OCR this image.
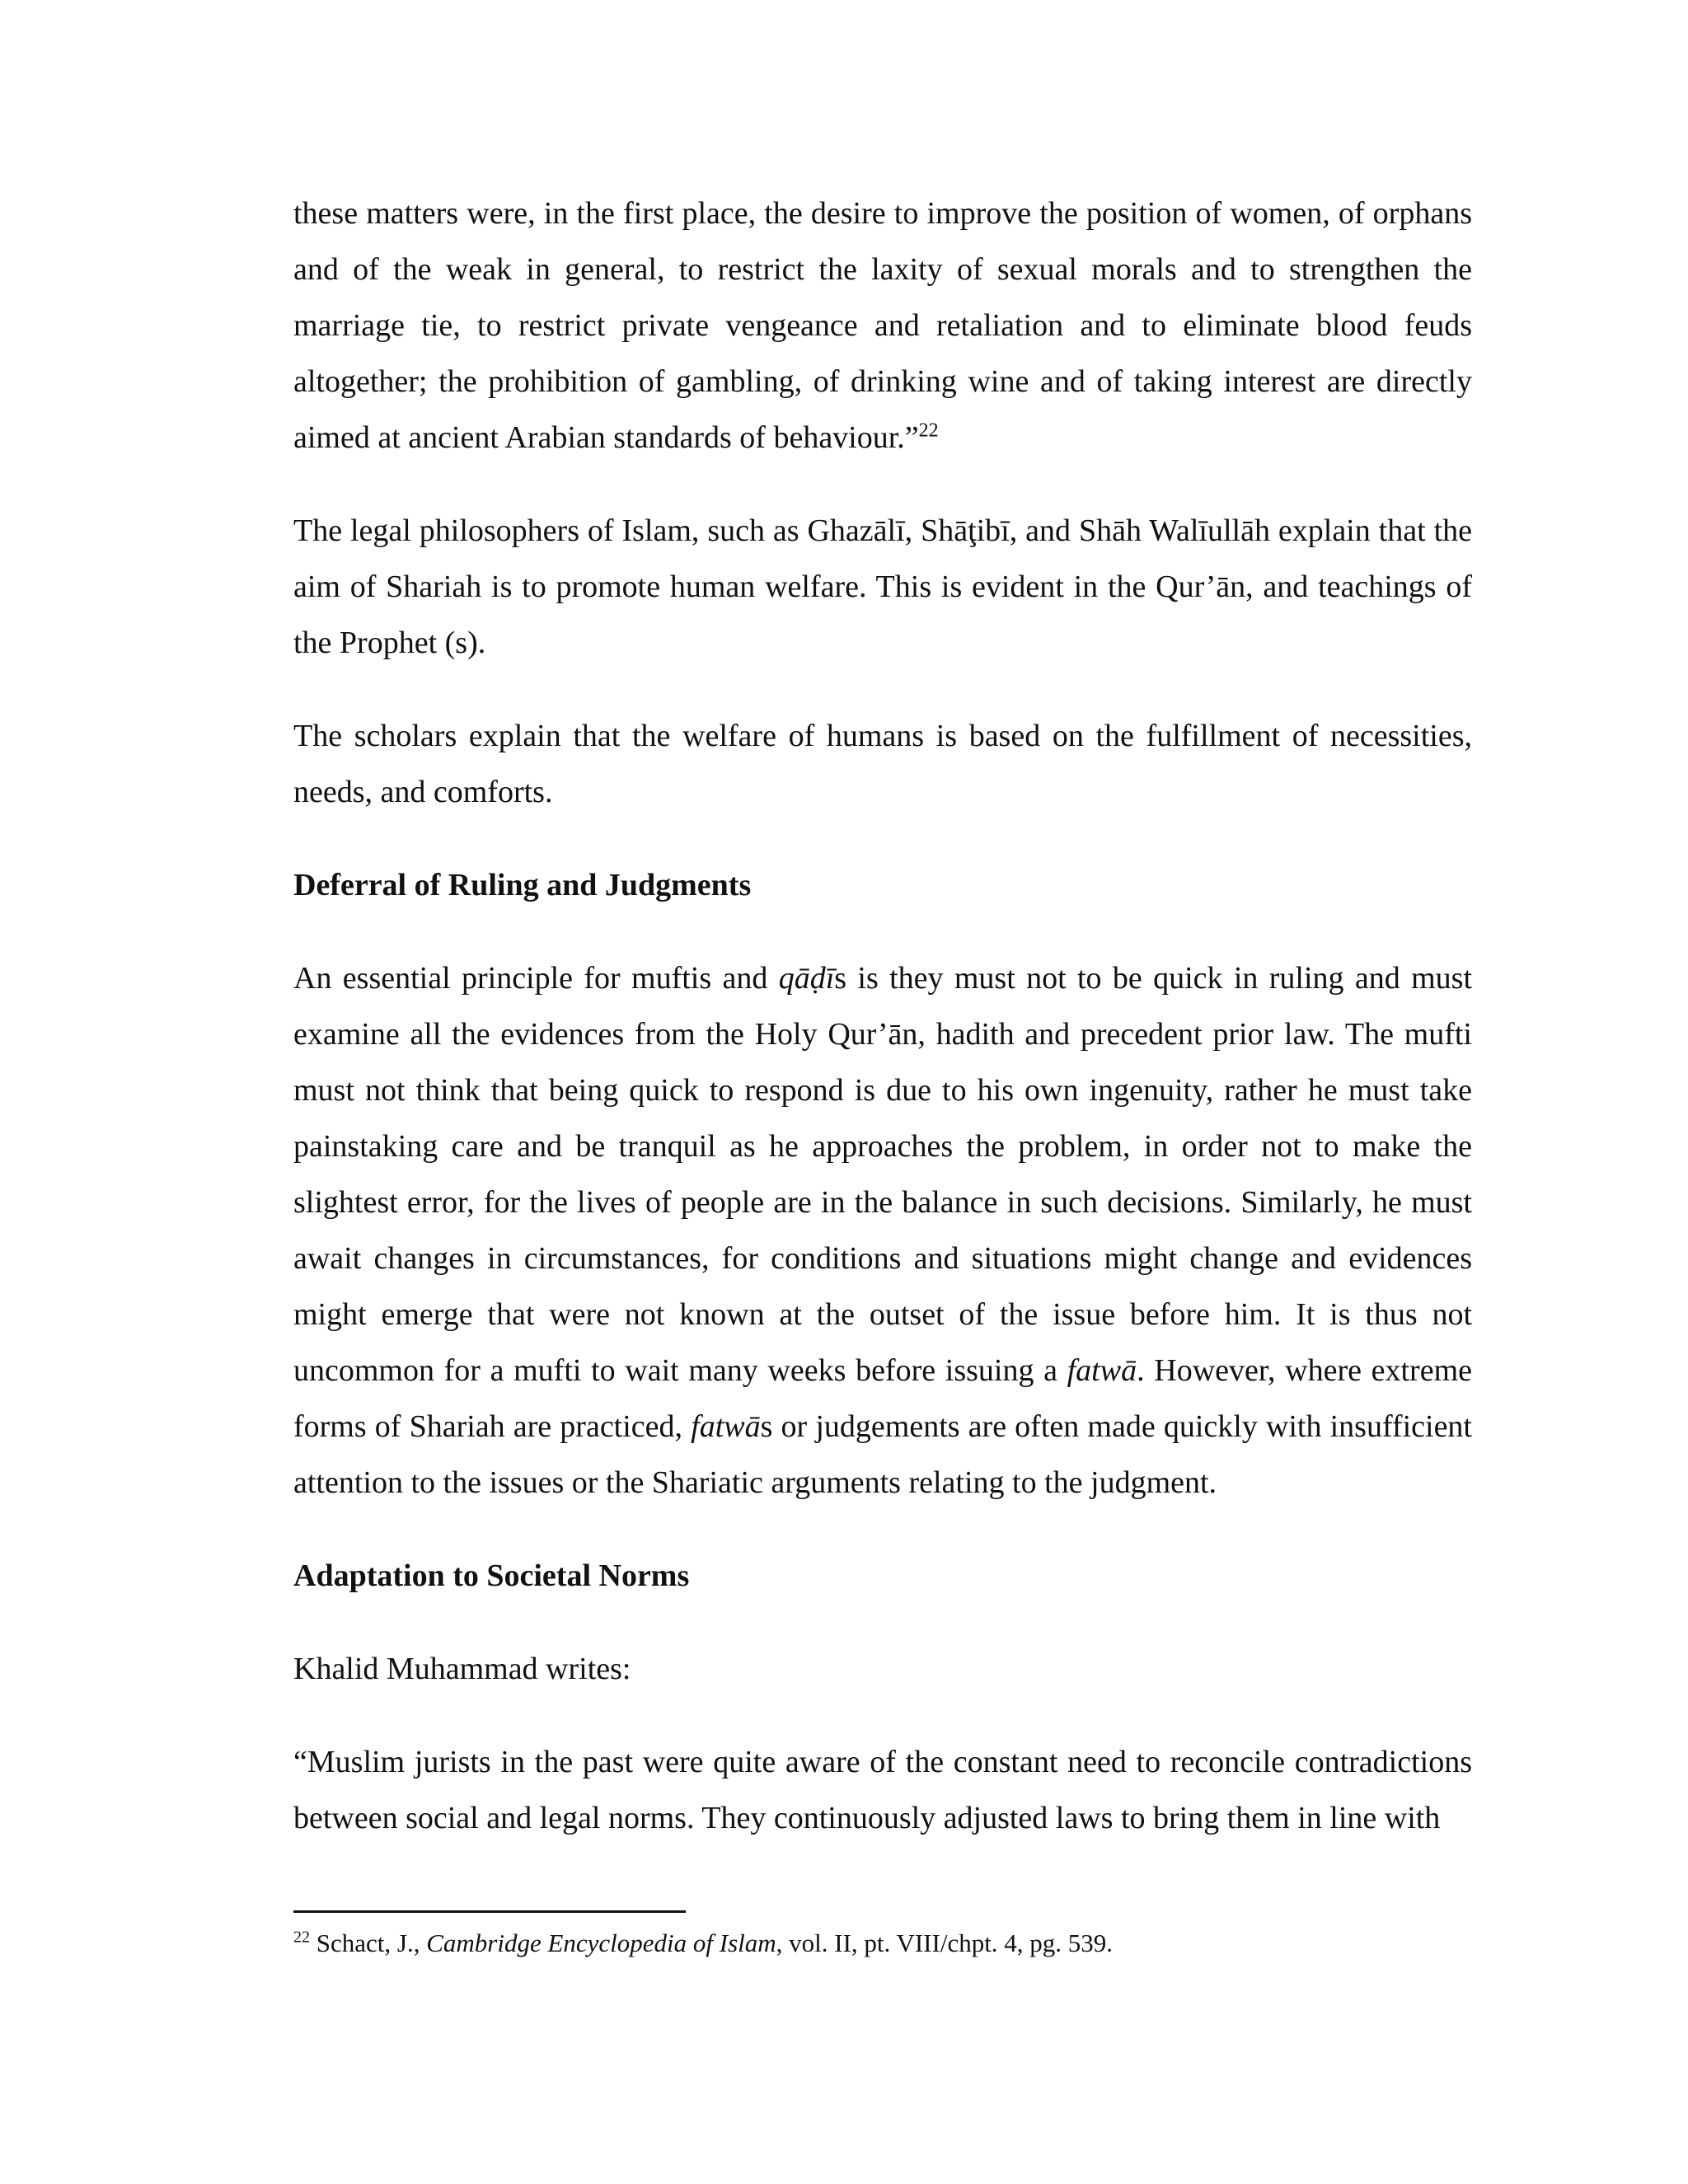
these matters were, in the first place, the desire to improve the position of women, of orphans and of the weak in general, to restrict the laxity of sexual morals and to strengthen the marriage tie, to restrict private vengeance and retaliation and to eliminate blood feuds altogether; the prohibition of gambling, of drinking wine and of taking interest are directly aimed at ancient Arabian standards of behaviour.”$^{22}$

The legal philosophers of Islam, such as Ghazālī, Shāţibī, and Shāh Walīullāh explain that the aim of Shariah is to promote human welfare. This is evident in the Qur’ān, and teachings of the Prophet (s).

The scholars explain that the welfare of humans is based on the fulfillment of necessities, needs, and comforts.

Deferral of Ruling and Judgments

An essential principle for muftis and qāḍīs is they must not to be quick in ruling and must examine all the evidences from the Holy Qur’ān, hadith and precedent prior law. The mufti must not think that being quick to respond is due to his own ingenuity, rather he must take painstaking care and be tranquil as he approaches the problem, in order not to make the slightest error, for the lives of people are in the balance in such decisions. Similarly, he must await changes in circumstances, for conditions and situations might change and evidences might emerge that were not known at the outset of the issue before him. It is thus not uncommon for a mufti to wait many weeks before issuing a fatwā. However, where extreme forms of Shariah are practiced, fatwās or judgements are often made quickly with insufficient attention to the issues or the Shariatic arguments relating to the judgment.

Adaptation to Societal Norms

Khalid Muhammad writes:

“Muslim jurists in the past were quite aware of the constant need to reconcile contradictions between social and legal norms. They continuously adjusted laws to bring them in line with

$^{22}$ Schact, J., Cambridge Encyclopedia of Islam, vol. II, pt. VIII/chpt. 4, pg. 539.
